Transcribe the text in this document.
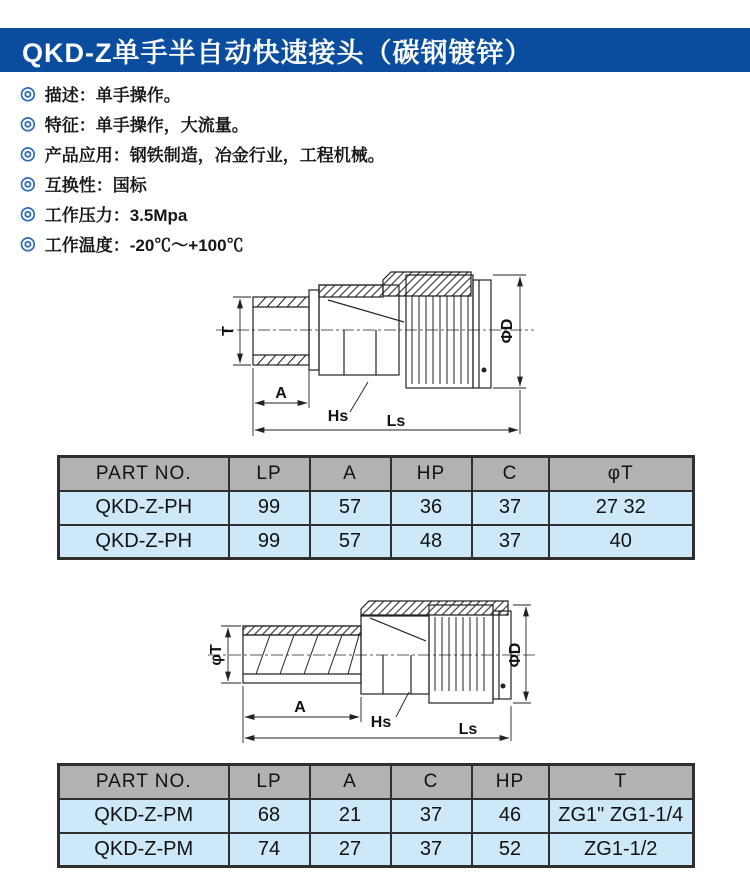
QKD-Z单手半自动快速接头（碳钢镀锌）
◎ 描述：单手操作。
◎ 特征：单手操作，大流量。
◎ 产品应用：钢铁制造，冶金行业，工程机械。
◎ 互换性：国标
◎ 工作压力：3.5Mpa
◎ 工作温度：-20℃～+100℃
T	ΦD
A
Hs Ls
PART NO.	LP	A	HP	C	φT
QKD-Z-PH	99	57	36	37	27 32
QKD-Z-PH	99	57	48	37	40
φT	ΦD
A
Hs	Ls
PART NO.	LP	A	C	HP	T
QKD-Z-PM	68	21	37	46	ZG1" ZG1-1/4
QKD-Z-PM	74	27	37	52	ZG1-1/2
